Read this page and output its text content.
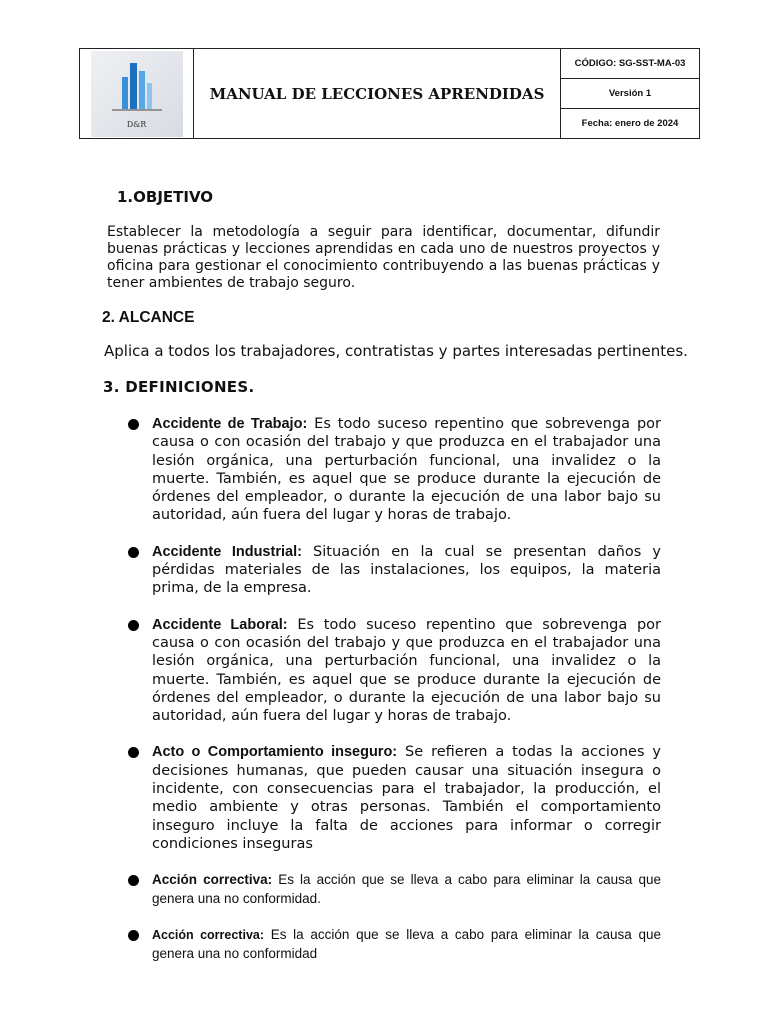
D&R
MANUAL DE LECCIONES APRENDIDAS
CÓDIGO: SG-SST-MA-03
Versión 1
Fecha: enero de 2024
1.OBJETIVO
Establecer la metodología a seguir para identificar, documentar, difundir buenas prácticas y lecciones aprendidas en cada uno de nuestros proyectos y oficina para gestionar el conocimiento contribuyendo a las buenas prácticas y tener ambientes de trabajo seguro.
2. ALCANCE
Aplica a todos los trabajadores, contratistas y partes interesadas pertinentes.
3. DEFINICIONES.
Accidente de Trabajo: Es todo suceso repentino que sobrevenga por causa o con ocasión del trabajo y que produzca en el trabajador una lesión orgánica, una perturbación funcional, una invalidez o la muerte. También, es aquel que se produce durante la ejecución de órdenes del empleador, o durante la ejecución de una labor bajo su autoridad, aún fuera del lugar y horas de trabajo.
Accidente Industrial: Situación en la cual se presentan daños y pérdidas materiales de las instalaciones, los equipos, la materia prima, de la empresa.
Accidente Laboral: Es todo suceso repentino que sobrevenga por causa o con ocasión del trabajo y que produzca en el trabajador una lesión orgánica, una perturbación funcional, una invalidez o la muerte. También, es aquel que se produce durante la ejecución de órdenes del empleador, o durante la ejecución de una labor bajo su autoridad, aún fuera del lugar y horas de trabajo.
Acto o Comportamiento inseguro: Se refieren a todas la acciones y decisiones humanas, que pueden causar una situación insegura o incidente, con consecuencias para el trabajador, la producción, el medio ambiente y otras personas. También el comportamiento inseguro incluye la falta de acciones para informar o corregir condiciones inseguras
Acción correctiva: Es la acción que se lleva a cabo para eliminar la causa que genera una no conformidad.
Acción correctiva: Es la acción que se lleva a cabo para eliminar la causa que genera una no conformidad
